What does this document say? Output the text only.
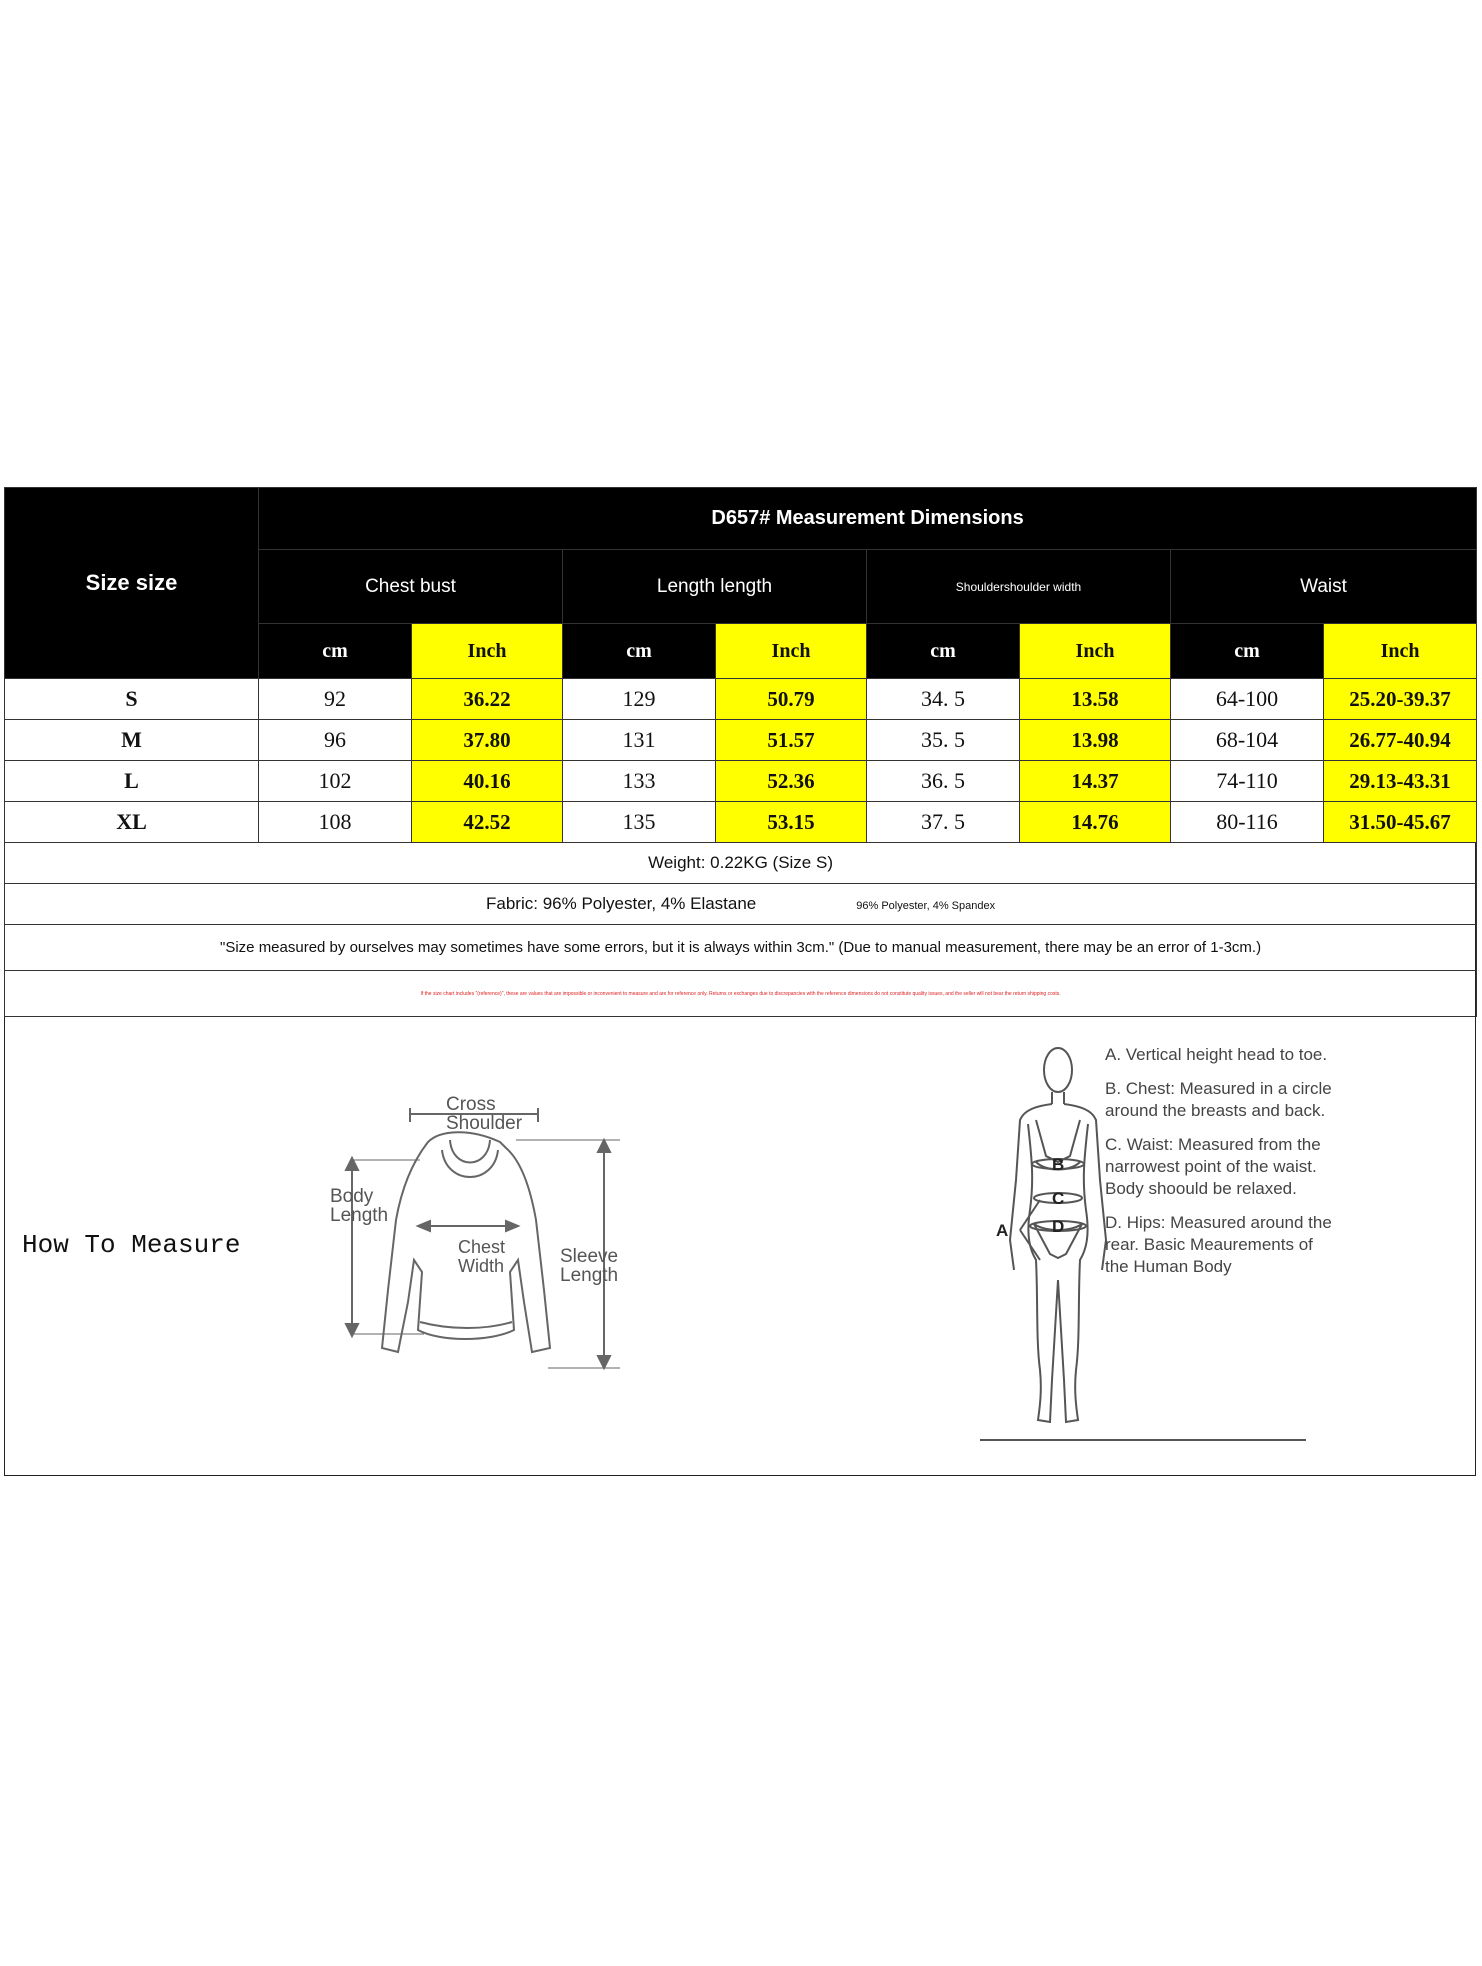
Size size	D657# Measurement Dimensions							
	Chest bust		Length length		Shouldershoulder width		Waist	
	cm	Inch	cm	Inch	cm	Inch	cm	Inch
S	92	36.22	129	50.79	34. 5	13.58	64-100	25.20-39.37
M	96	37.80	131	51.57	35. 5	13.98	68-104	26.77-40.94
L	102	40.16	133	52.36	36. 5	14.37	74-110	29.13-43.31
XL	108	42.52	135	53.15	37. 5	14.76	80-116	31.50-45.67
Weight: 0.22KG (Size S)								
Fabric: 96% Polyester, 4% Elastane 96% Polyester, 4% Spandex								
"Size measured by ourselves may sometimes have some errors, but it is always within 3cm." (Due to manual measurement, there may be an error of 1-3cm.)								
If the size chart includes "(reference)", these are values that are impossible or inconvenient to measure and are for reference only. Returns or exchanges due to discrepancies with the reference dimensions do not constitute quality issues, and the seller will not bear the return shipping costs.								

How To Measure

Cross
Shoulder
Body
Length
Chest
Width	Sleeve
Length
B
C
D
A
A. Vertical height head to toe.
B. Chest: Measured in a circle around the breasts and back.
C. Waist: Measured from the narrowest point of the waist. Body shoould be relaxed.
D. Hips: Measured around the rear. Basic Meaurements of the Human Body
